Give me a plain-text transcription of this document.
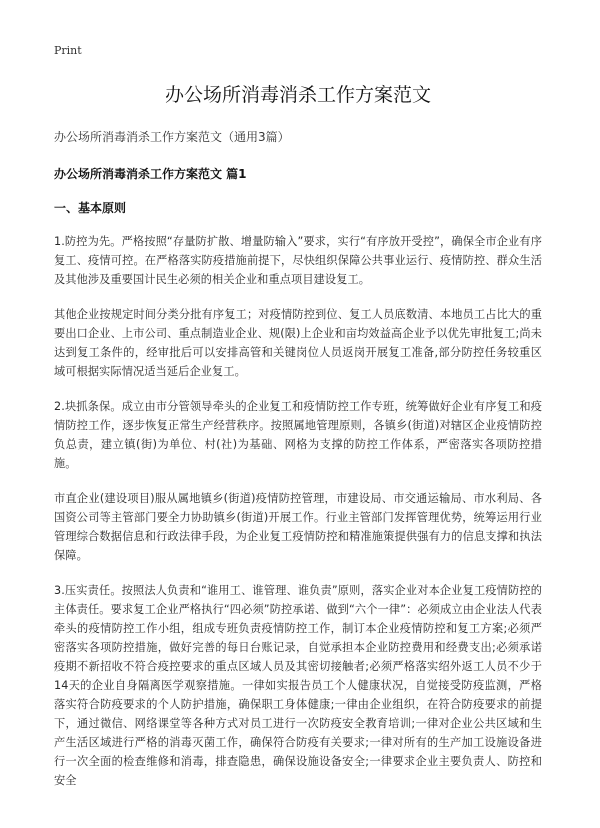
Print
办公场所消毒消杀工作方案范文
办公场所消毒消杀工作方案范文（通用3篇）
办公场所消毒消杀工作方案范文 篇1
一、基本原则

1.防控为先。严格按照“存量防扩散、增量防输入”要求，实行“有序放开受控”，确保全市企业有序复工、疫情可控。在严格落实防疫措施前提下，尽快组织保障公共事业运行、疫情防控、群众生活及其他涉及重要国计民生必须的相关企业和重点项目建设复工。

其他企业按规定时间分类分批有序复工；对疫情防控到位、复工人员底数清、本地员工占比大的重要出口企业、上市公司、重点制造业企业、规(限)上企业和亩均效益高企业予以优先审批复工;尚未达到复工条件的，经审批后可以安排高管和关键岗位人员返岗开展复工准备,部分防控任务较重区域可根据实际情况适当延后企业复工。

2.块抓条保。成立由市分管领导牵头的企业复工和疫情防控工作专班，统筹做好企业有序复工和疫情防控工作，逐步恢复正常生产经营秩序。按照属地管理原则，各镇乡(街道)对辖区企业疫情防控负总责，建立镇(街)为单位、村(社)为基础、网格为支撑的防控工作体系，严密落实各项防控措施。

市直企业(建设项目)服从属地镇乡(街道)疫情防控管理，市建设局、市交通运输局、市水利局、各国资公司等主管部门要全力协助镇乡(街道)开展工作。行业主管部门发挥管理优势，统筹运用行业管理综合数据信息和行政法律手段，为企业复工疫情防控和精准施策提供强有力的信息支撑和执法保障。

3.压实责任。按照法人负责和“谁用工、谁管理、谁负责”原则，落实企业对本企业复工疫情防控的主体责任。要求复工企业严格执行“四必须”防控承诺、做到“六个一律”：必须成立由企业法人代表牵头的疫情防控工作小组，组成专班负责疫情防控工作，制订本企业疫情防控和复工方案;必须严密落实各项防控措施，做好完善的每日台账记录，自觉承担本企业防控费用和经费支出;必须承诺疫期不新招收不符合疫控要求的重点区域人员及其密切接触者;必须严格落实绍外返工人员不少于14天的企业自身隔离医学观察措施。一律如实报告员工个人健康状况，自觉接受防疫监测，严格落实符合防疫要求的个人防护措施，确保职工身体健康;一律由企业组织，在符合防疫要求的前提下，通过微信、网络课堂等各种方式对员工进行一次防疫安全教育培训;一律对企业公共区域和生产生活区域进行严格的消毒灭菌工作，确保符合防疫有关要求;一律对所有的生产加工设施设备进行一次全面的检查维修和消毒，排查隐患，确保设施设备安全;一律要求企业主要负责人、防控和安全
